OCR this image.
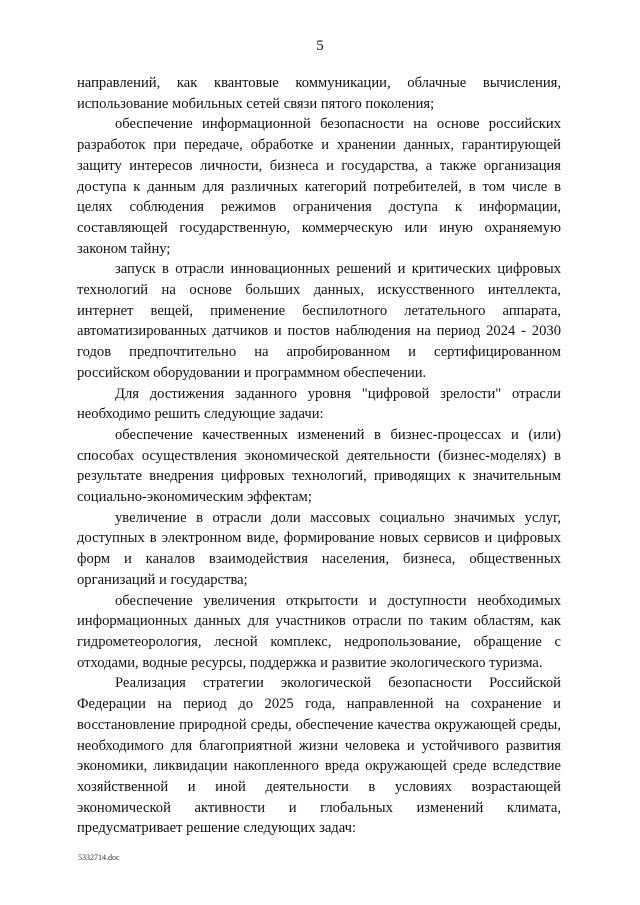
5

направлений, как квантовые коммуникации, облачные вычисления, использование мобильных сетей связи пятого поколения;

обеспечение информационной безопасности на основе российских разработок при передаче, обработке и хранении данных, гарантирующей защиту интересов личности, бизнеса и государства, а также организация доступа к данным для различных категорий потребителей, в том числе в целях соблюдения режимов ограничения доступа к информации, составляющей государственную, коммерческую или иную охраняемую законом тайну;

запуск в отрасли инновационных решений и критических цифровых технологий на основе больших данных, искусственного интеллекта, интернет вещей, применение беспилотного летательного аппарата, автоматизированных датчиков и постов наблюдения на период 2024 - 2030 годов предпочтительно на апробированном и сертифицированном российском оборудовании и программном обеспечении.

Для достижения заданного уровня "цифровой зрелости" отрасли необходимо решить следующие задачи:

обеспечение качественных изменений в бизнес-процессах и (или) способах осуществления экономической деятельности (бизнес-моделях) в результате внедрения цифровых технологий, приводящих к значительным социально-экономическим эффектам;

увеличение в отрасли доли массовых социально значимых услуг, доступных в электронном виде, формирование новых сервисов и цифровых форм и каналов взаимодействия населения, бизнеса, общественных организаций и государства;

обеспечение увеличения открытости и доступности необходимых информационных данных для участников отрасли по таким областям, как гидрометеорология, лесной комплекс, недропользование, обращение с отходами, водные ресурсы, поддержка и развитие экологического туризма.

Реализация стратегии экологической безопасности Российской Федерации на период до 2025 года, направленной на сохранение и восстановление природной среды, обеспечение качества окружающей среды, необходимого для благоприятной жизни человека и устойчивого развития экономики, ликвидации накопленного вреда окружающей среде вследствие хозяйственной и иной деятельности в условиях возрастающей экономической активности и глобальных изменений климата, предусматривает решение следующих задач:

5332714.doc
